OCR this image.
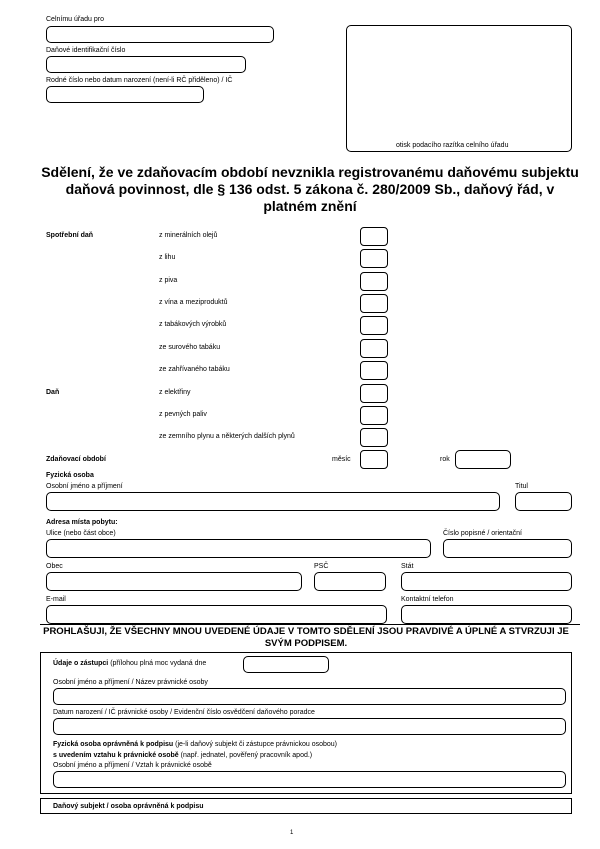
Celnímu úřadu pro
Daňové identifikační číslo
Rodné číslo nebo datum narození (není-li RČ přiděleno) / IČ
otisk podacího razítka celního úřadu
Sdělení, že ve zdaňovacím období nevznikla registrovanému daňovému subjektu daňová povinnost, dle § 136 odst. 5 zákona č. 280/2009 Sb., daňový řád, v platném znění
Spotřební daň	z minerálních olejů
z lihu
z piva
z vína a meziproduktů
z tabákových výrobků
ze surového tabáku
ze zahřívaného tabáku
Daň	z elektřiny
z pevných paliv
ze zemního plynu a některých dalších plynů
Zdaňovací období	měsíc	rok
Fyzická osoba
Osobní jméno a příjmení	Titul
Adresa místa pobytu:
Ulice (nebo část obce)	Číslo popisné / orientační
Obec	PSČ	Stát
E-mail	Kontaktní telefon
PROHLAŠUJI, ŽE VŠECHNY MNOU UVEDENÉ ÚDAJE V TOMTO SDĚLENÍ JSOU PRAVDIVÉ A ÚPLNÉ A STVRZUJI JE SVÝM PODPISEM.
Údaje o zástupci (přílohou plná moc vydaná dne
Osobní jméno a příjmení / Název právnické osoby
Datum narození / IČ právnické osoby / Evidenční číslo osvědčení daňového poradce
Fyzická osoba oprávněná k podpisu (je-li daňový subjekt či zástupce právnickou osobou)
s uvedením vztahu k právnické osobě (např. jednatel, pověřený pracovník apod.)
Osobní jméno a příjmení / Vztah k právnické osobě
Daňový subjekt / osoba oprávněná k podpisu
1
